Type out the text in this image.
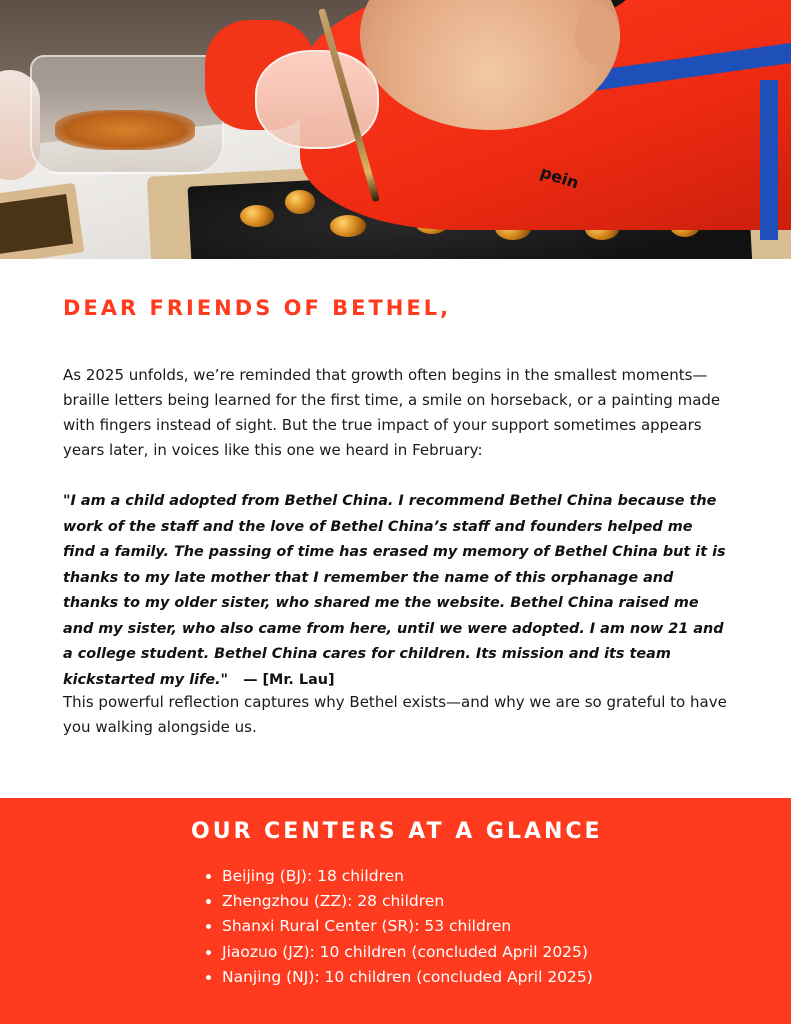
pein
DEAR FRIENDS OF BETHEL,

As 2025 unfolds, we’re reminded that growth often begins in the smallest moments—braille letters being learned for the first time, a smile on horseback, or a painting made with fingers instead of sight. But the true impact of your support sometimes appears years later, in voices like this one we heard in February:

"I am a child adopted from Bethel China. I recommend Bethel China because the work of the staff and the love of Bethel China’s staff and founders helped me find a family. The passing of time has erased my memory of Bethel China but it is thanks to my late mother that I remember the name of this orphanage and thanks to my older sister, who shared me the website. Bethel China raised me and my sister, who also came from here, until we were adopted. I am now 21 and a college student. Bethel China cares for children. Its mission and its team kickstarted my life." — [Mr. Lau]

This powerful reflection captures why Bethel exists—and why we are so grateful to have you walking alongside us.

OUR CENTERS AT A GLANCE
• Beijing (BJ): 18 children
• Zhengzhou (ZZ): 28 children
• Shanxi Rural Center (SR): 53 children
• Jiaozuo (JZ): 10 children (concluded April 2025)
• Nanjing (NJ): 10 children (concluded April 2025)
